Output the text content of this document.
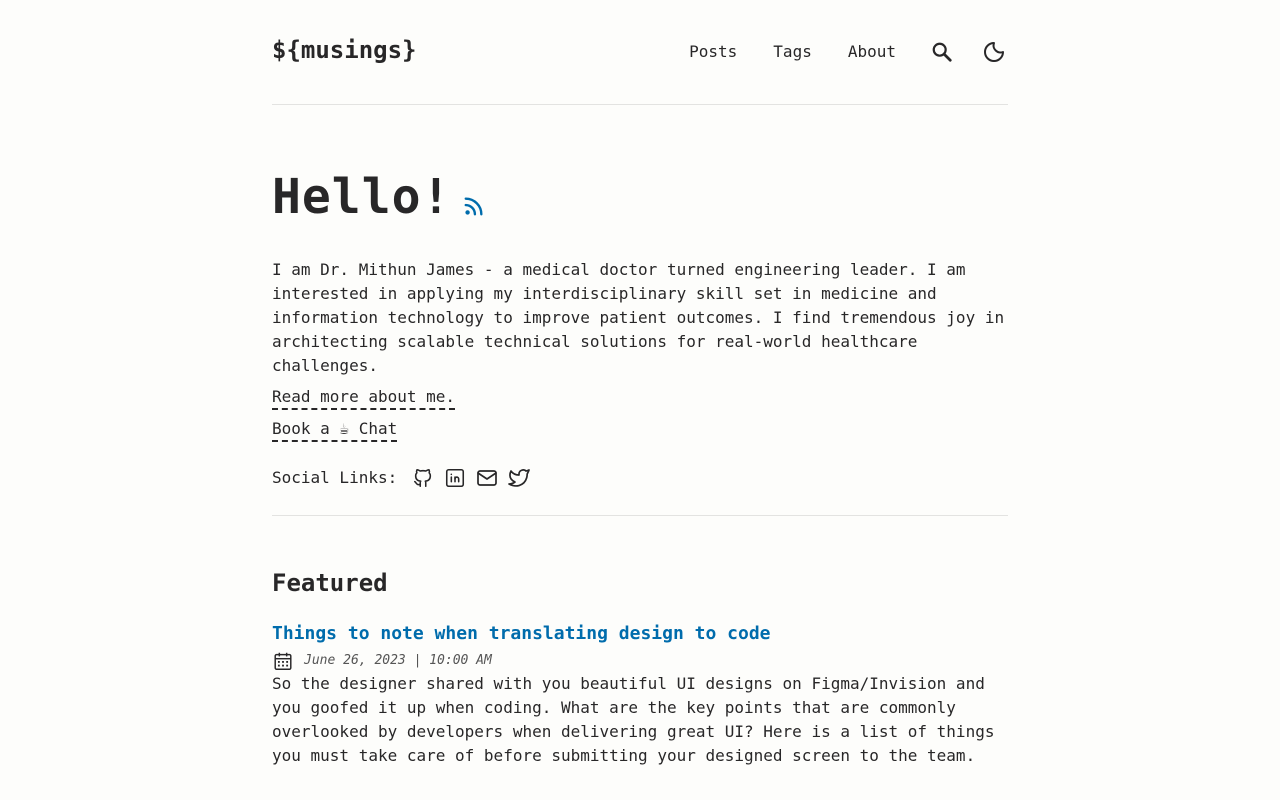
${musings}	Posts Tags About
Hello!

I am Dr. Mithun James - a medical doctor turned engineering leader. I am interested in applying my interdisciplinary skill set in medicine and information technology to improve patient outcomes. I find tremendous joy in architecting scalable technical solutions for real-world healthcare challenges.

Read more about me.
Book a ☕ Chat
Social Links:
Featured
Things to note when translating design to code
June 26, 2023 | 10:00 AM

So the designer shared with you beautiful UI designs on Figma/Invision and you goofed it up when coding. What are the key points that are commonly overlooked by developers when delivering great UI? Here is a list of things you must take care of before submitting your designed screen to the team.
